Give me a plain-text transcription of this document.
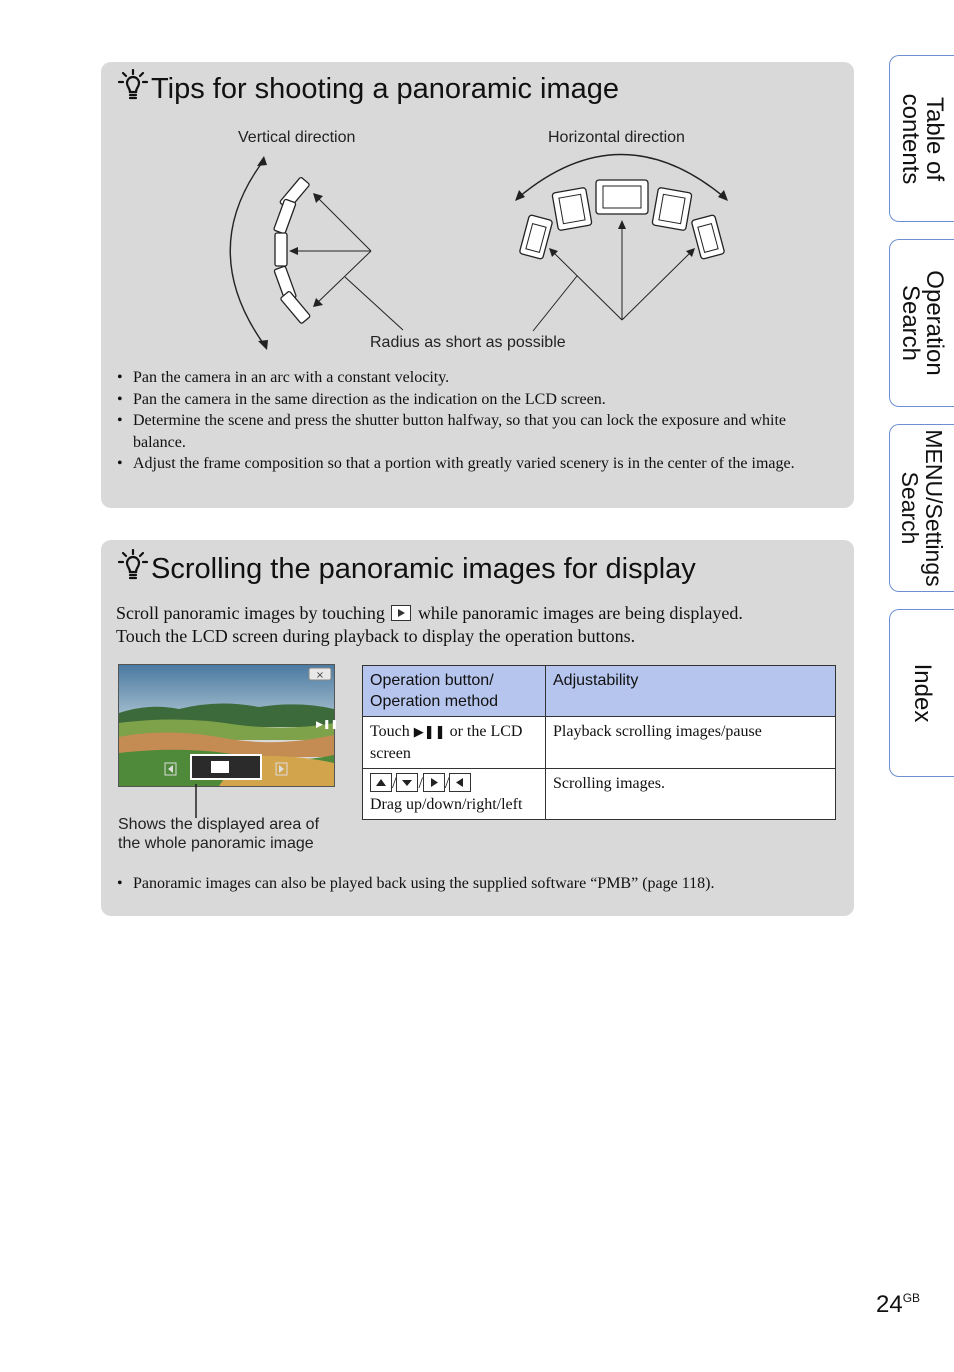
Tips for shooting a panoramic image
Vertical direction	Horizontal direction
Radius as short as possible
• Pan the camera in an arc with a constant velocity.
• Pan the camera in the same direction as the indication on the LCD screen.
• Determine the scene and press the shutter button halfway, so that you can lock the exposure and white balance.
• Adjust the frame composition so that a portion with greatly varied scenery is in the center of the image.
Scrolling the panoramic images for display
Scroll panoramic images by touching while panoramic images are being displayed.
Touch the LCD screen during playback to display the operation buttons.
×
▶❚❚
Shows the displayed area of the whole panoramic image
Operation button/ Operation method	Adjustability
Touch ▶❚❚ or the LCD screen	Playback scrolling images/pause
/ / /
Drag up/down/right/left	Scrolling images.
• Panoramic images can also be played back using the supplied software “PMB” (page 118).
Table of contents
Operation Search
MENU/Settings Search
Index
$24^{GB}$
